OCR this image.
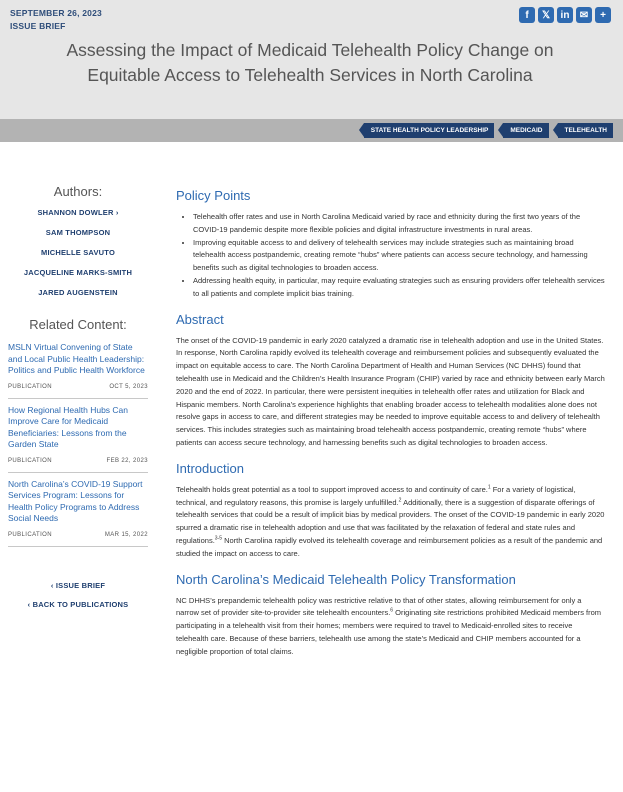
SEPTEMBER 26, 2023
ISSUE BRIEF
f	𝕏	in	✉	+
Assessing the Impact of Medicaid Telehealth Policy Change on Equitable Access to Telehealth Services in North Carolina
STATE HEALTH POLICY LEADERSHIP	MEDICAID	TELEHEALTH
Authors:
SHANNON DOWLER ›
SAM THOMPSON
MICHELLE SAVUTO
JACQUELINE MARKS-SMITH
JARED AUGENSTEIN
Related Content:
MSLN Virtual Convening of State and Local Public Health Leadership: Politics and Public Health Workforce
PUBLICATION	OCT 5, 2023
How Regional Health Hubs Can Improve Care for Medicaid Beneficiaries: Lessons from the Garden State
PUBLICATION	FEB 22, 2023
North Carolina’s COVID-19 Support Services Program: Lessons for Health Policy Programs to Address Social Needs
PUBLICATION	MAR 15, 2022
‹ ISSUE BRIEF
‹ BACK TO PUBLICATIONS
Policy Points
• Telehealth offer rates and use in North Carolina Medicaid varied by race and ethnicity during the first two years of the COVID-19 pandemic despite more flexible policies and digital infrastructure investments in rural areas.
• Improving equitable access to and delivery of telehealth services may include strategies such as maintaining broad telehealth access postpandemic, creating remote “hubs” where patients can access secure technology, and harnessing benefits such as digital technologies to broaden access.
• Addressing health equity, in particular, may require evaluating strategies such as ensuring providers offer telehealth services to all patients and complete implicit bias training.
Abstract

The onset of the COVID-19 pandemic in early 2020 catalyzed a dramatic rise in telehealth adoption and use in the United States. In response, North Carolina rapidly evolved its telehealth coverage and reimbursement policies and subsequently evaluated the impact on equitable access to care. The North Carolina Department of Health and Human Services (NC DHHS) found that telehealth use in Medicaid and the Children’s Health Insurance Program (CHIP) varied by race and ethnicity between early March 2020 and the end of 2022. In particular, there were persistent inequities in telehealth offer rates and utilization for Black and Hispanic members. North Carolina’s experience highlights that enabling broader access to telehealth modalities alone does not resolve gaps in access to care, and different strategies may be needed to improve equitable access to and delivery of telehealth services. This includes strategies such as maintaining broad telehealth access postpandemic, creating remote “hubs” where patients can access secure technology, and harnessing benefits such as digital technologies to broaden access.

Introduction

Telehealth holds great potential as a tool to support improved access to and continuity of care.$^1$ For a variety of logistical, technical, and regulatory reasons, this promise is largely unfulfilled.$^2$ Additionally, there is a suggestion of disparate offerings of telehealth services that could be a result of implicit bias by medical providers. The onset of the COVID-19 pandemic in early 2020 spurred a dramatic rise in telehealth adoption and use that was facilitated by the relaxation of federal and state rules and regulations.$^{3-5}$ North Carolina rapidly evolved its telehealth coverage and reimbursement policies as a result of the pandemic and studied the impact on access to care.

North Carolina’s Medicaid Telehealth Policy Transformation

NC DHHS’s prepandemic telehealth policy was restrictive relative to that of other states, allowing reimbursement for only a narrow set of provider site-to-provider site telehealth encounters.$^6$ Originating site restrictions prohibited Medicaid members from participating in a telehealth visit from their homes; members were required to travel to Medicaid-enrolled sites to receive telehealth care. Because of these barriers, telehealth use among the state’s Medicaid and CHIP members accounted for a negligible proportion of total claims.
